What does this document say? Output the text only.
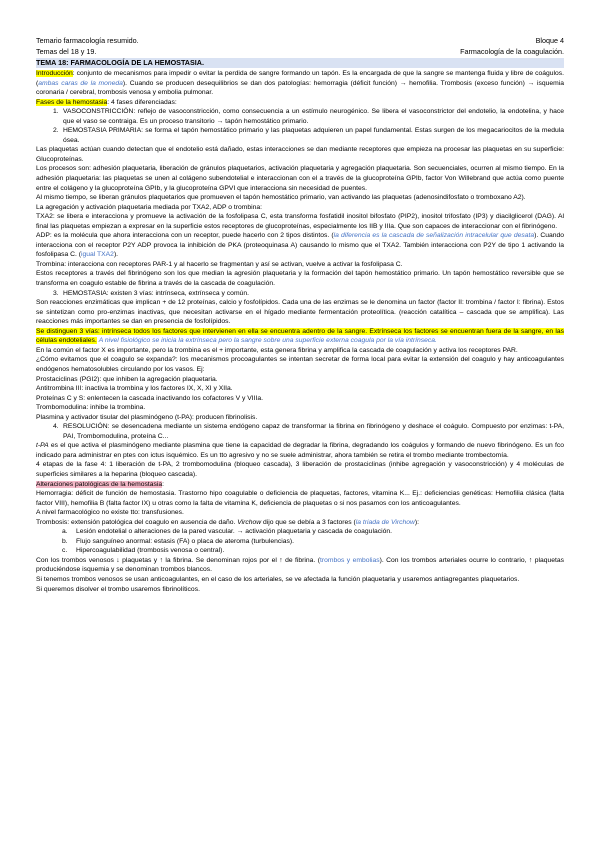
Temario farmacología resumido.	Bloque 4
Temas del 18 y 19.	Farmacología de la coagulación.
TEMA 18: FARMACOLOGÍA DE LA HEMOSTASIA.

Introducción: conjunto de mecanismos para impedir o evitar la perdida de sangre formando un tapón. Es la encargada de que la sangre se mantenga fluida y libre de coágulos. (ambas caras de la moneda). Cuando se producen desequilibrios se dan dos patologías: hemorragia (déficit función) → hemofilia. Trombosis (exceso función) → isquemia coronaria / cerebral, trombosis venosa y embolia pulmonar.

Fases de la hemostasia: 4 fases diferenciadas:

1. VASOCONSTRICCIÓN: reflejo de vasoconstricción, como consecuencia a un estímulo neurogénico. Se libera el vasoconstrictor del endotelio, la endotelina, y hace que el vaso se contraiga. Es un proceso transitorio → tapón hemostático primario.
2. HEMOSTASIA PRIMARIA: se forma el tapón hemostático primario y las plaquetas adquieren un papel fundamental. Estas surgen de los megacariocitos de la medula ósea.

Las plaquetas actúan cuando detectan que el endotelio está dañado, estas interacciones se dan mediante receptores que empieza na procesar las plaquetas en su superficie: Glucoproteínas.

Los procesos son: adhesión plaquetaria, liberación de gránulos plaquetarios, activación plaquetaria y agregación plaquetaria. Son secuenciales, ocurren al mismo tiempo. En la adhesión plaquetaria: las plaquetas se unen al colágeno subendotelial e interaccionan con el a través de la glucoproteína GPIb, factor Von Willebrand que actúa como puente entre el colágeno y la glucoproteína GPIb, y la glucoproteína GPVI que interacciona sin necesidad de puentes.

Al mismo tiempo, se liberan gránulos plaquetarios que promueven el tapón hemostático primario, van activando las plaquetas (adenosindifosfato o tromboxano A2).

La agregación y activación plaquetaria mediada por TXA2, ADP o trombina:

TXA2: se libera e interacciona y promueve la activación de la fosfolipasa C, esta transforma fosfatidil inositol bifosfato (PIP2), inositol trifosfato (IP3) y diacilglicerol (DAG). Al final las plaquetas empiezan a expresar en la superficie estos receptores de glucoproteínas, especialmente los IIB y IIIa. Que son capaces de interaccionar con el fibrinógeno.

ADP: es la molécula que ahora interacciona con un receptor, puede hacerlo con 2 tipos distintos. (la diferencia es la cascada de señalización intracelular que desata). Cuando interacciona con el receptor P2Y ADP provoca la inhibición de PKA (proteoquinasa A) causando lo mismo que el TXA2. También interacciona con P2Y de tipo 1 activando la fosfolipasa C. (igual TXA2).

Trombina: interacciona con receptores PAR-1 y al hacerlo se fragmentan y así se activan, vuelve a activar la fosfolipasa C.

Estos receptores a través del fibrinógeno son los que median la agresión plaquetaria y la formación del tapón hemostático primario. Un tapón hemostático reversible que se transforma en coagulo estable de fibrina a través de la cascada de coagulación.

3. HEMOSTASIA: existen 3 vías: intrínseca, extrínseca y común.

Son reacciones enzimáticas que implican + de 12 proteínas, calcio y fosfolípidos. Cada una de las enzimas se le denomina un factor (factor II: trombina / factor I: fibrina). Estos se sintetizan como pro-enzimas inactivas, que necesitan activarse en el hígado mediante fermentación proteolítica. (reacción catalítica – cascada que se amplifica). Las reacciones más importantes se dan en presencia de fosfolípidos.

Se distinguen 3 vías: intrínseca todos los factores que intervienen en ella se encuentra adentro de la sangre. Extrínseca los factores se encuentran fuera de la sangre, en las células endoteliales. A nivel fisiológico se inicia la extrínseca pero la sangre sobre una superficie externa coagula por la vía intrínseca.

En la común el factor X es importante, pero la trombina es el + importante, esta genera fibrina y amplifica la cascada de coagulación y activa los receptores PAR.

¿Cómo evitamos que el coagulo se expanda?: los mecanismos procoagulantes se intentan secretar de forma local para evitar la extensión del coagulo y hay anticoagulantes endógenos hematosolubles circulando por los vasos. Ej:

Prostaciclinas (PGI2): que inhiben la agregación plaquetaria.

Antitrombina III: inactiva la trombina y los factores IX, X, XI y XIIa.

Proteínas C y S: enlentecen la cascada inactivando los cofactores V y VIIIa.

Trombomodulina: inhibe la trombina.

Plasmina y activador tisular del plasminógeno (t-PA): producen fibrinolisis.

4. RESOLUCIÓN: se desencadena mediante un sistema endógeno capaz de transformar la fibrina en fibrinógeno y deshace el coágulo. Compuesto por enzimas: t-PA, PAI, Trombomodulina, proteína C...

t-PA es el que activa el plasminógeno mediante plasmina que tiene la capacidad de degradar la fibrina, degradando los coágulos y formando de nuevo fibrinógeno. Es un fco indicado para administrar en ptes con ictus isquémico. Es un tto agresivo y no se suele administrar, ahora también se retira el trombo mediante trombectomía.

4 etapas de la fase 4: 1 liberación de t-PA, 2 trombomodulina (bloqueo cascada), 3 liberación de prostaciclinas (inhibe agregación y vasoconstricción) y 4 moléculas de superficies similares a la heparina (bloqueo cascada).

Alteraciones patológicas de la hemostasia:

Hemorragia: déficit de función de hemostasia. Trastorno hipo coagulable o deficiencia de plaquetas, factores, vitamina K... Ej.: deficiencias genéticas: Hemofilia clásica (falta factor VIII), hemofilia B (falta factor IX) u otras como la falta de vitamina K, deficiencia de plaquetas o si nos pasamos con los anticoagulantes.

A nivel farmacológico no existe tto: transfusiones.

Trombosis: extensión patológica del coagulo en ausencia de daño. Virchow dijo que se debía a 3 factores (la triada de Virchow):

a.	Lesión endotelial o alteraciones de la pared vascular. → activación plaquetaria y cascada de coagulación.
b.	Flujo sanguíneo anormal: estasis (FA) o placa de ateroma (turbulencias).
c.	Hipercoagulabilidad (trombosis venosa o central).

Con los trombos venosos ↓ plaquetas y ↑ la fibrina. Se denominan rojos por el ↑ de fibrina. (trombos y embolias). Con los trombos arteriales ocurre lo contrario, ↑ plaquetas produciéndose isquemia y se denominan trombos blancos.

Si tenemos trombos venosos se usan anticoagulantes, en el caso de los arteriales, se ve afectada la función plaquetaria y usaremos antiagregantes plaquetarios.

Si queremos disolver el trombo usaremos fibrinolíticos.
